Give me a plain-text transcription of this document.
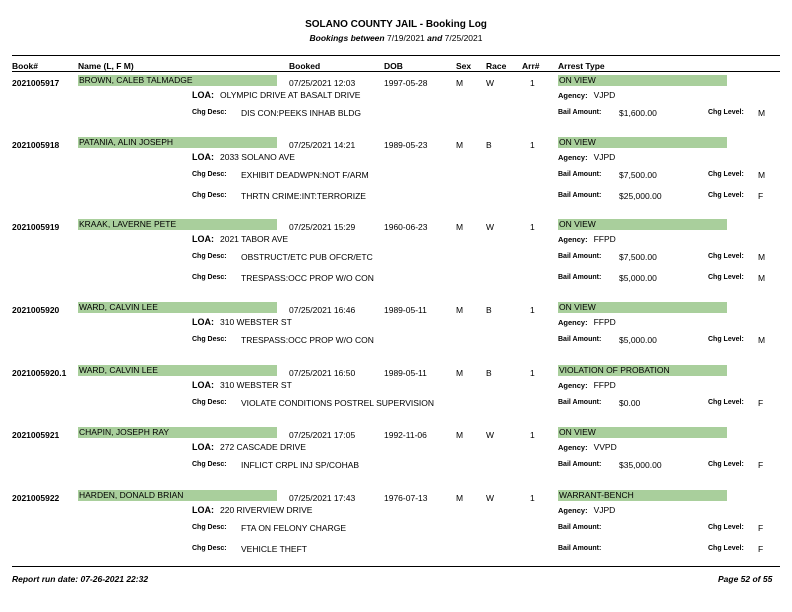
SOLANO COUNTY JAIL - Booking Log
Bookings between 7/19/2021 and 7/25/2021
Book#	Name (L, F M)	Booked	DOB	Sex Race Arr# Arrest Type
2021005917 BROWN, CALEB TALMADGE	07/25/2021 12:03	1997-05-28	M	W	1	ON VIEW
LOA: OLYMPIC DRIVE AT BASALT DRIVE	Agency: VJPD
Chg Desc: DIS CON:PEEKS INHAB BLDG	Bail Amount: $1,600.00	Chg Level: M
2021005918 PATANIA, ALIN JOSEPH	07/25/2021 14:21	1989-05-23	M	B	1	ON VIEW
LOA: 2033 SOLANO AVE	Agency: VJPD
Chg Desc: EXHIBIT DEADWPN:NOT F/ARM	Bail Amount: $7,500.00	Chg Level: M
Chg Desc: THRTN CRIME:INT:TERRORIZE	Bail Amount: $25,000.00	Chg Level: F
2021005919 KRAAK, LAVERNE PETE	07/25/2021 15:29	1960-06-23	M	W	1	ON VIEW
LOA: 2021 TABOR AVE	Agency: FFPD
Chg Desc: OBSTRUCT/ETC PUB OFCR/ETC	Bail Amount: $7,500.00	Chg Level: M
Chg Desc: TRESPASS:OCC PROP W/O CON	Bail Amount: $5,000.00	Chg Level: M
2021005920 WARD, CALVIN LEE	07/25/2021 16:46	1989-05-11	M	B	1	ON VIEW
LOA: 310 WEBSTER ST	Agency: FFPD
Chg Desc: TRESPASS:OCC PROP W/O CON	Bail Amount: $5,000.00	Chg Level: M
2021005920.1 WARD, CALVIN LEE	07/25/2021 16:50	1989-05-11	M	B	1	VIOLATION OF PROBATION
LOA: 310 WEBSTER ST	Agency: FFPD
Chg Desc: VIOLATE CONDITIONS POSTREL SUPERVISION	Bail Amount: $0.00	Chg Level: F
2021005921 CHAPIN, JOSEPH RAY	07/25/2021 17:05	1992-11-06	M	W	1	ON VIEW
LOA: 272 CASCADE DRIVE	Agency: VVPD
Chg Desc: INFLICT CRPL INJ SP/COHAB	Bail Amount: $35,000.00	Chg Level: F
2021005922 HARDEN, DONALD BRIAN	07/25/2021 17:43	1976-07-13	M	W	1	WARRANT-BENCH
LOA: 220 RIVERVIEW DRIVE	Agency: VJPD
Chg Desc: FTA ON FELONY CHARGE	Bail Amount:	Chg Level: F
Chg Desc: VEHICLE THEFT	Bail Amount:	Chg Level: F
Report run date: 07-26-2021 22:32	Page 52 of 55
